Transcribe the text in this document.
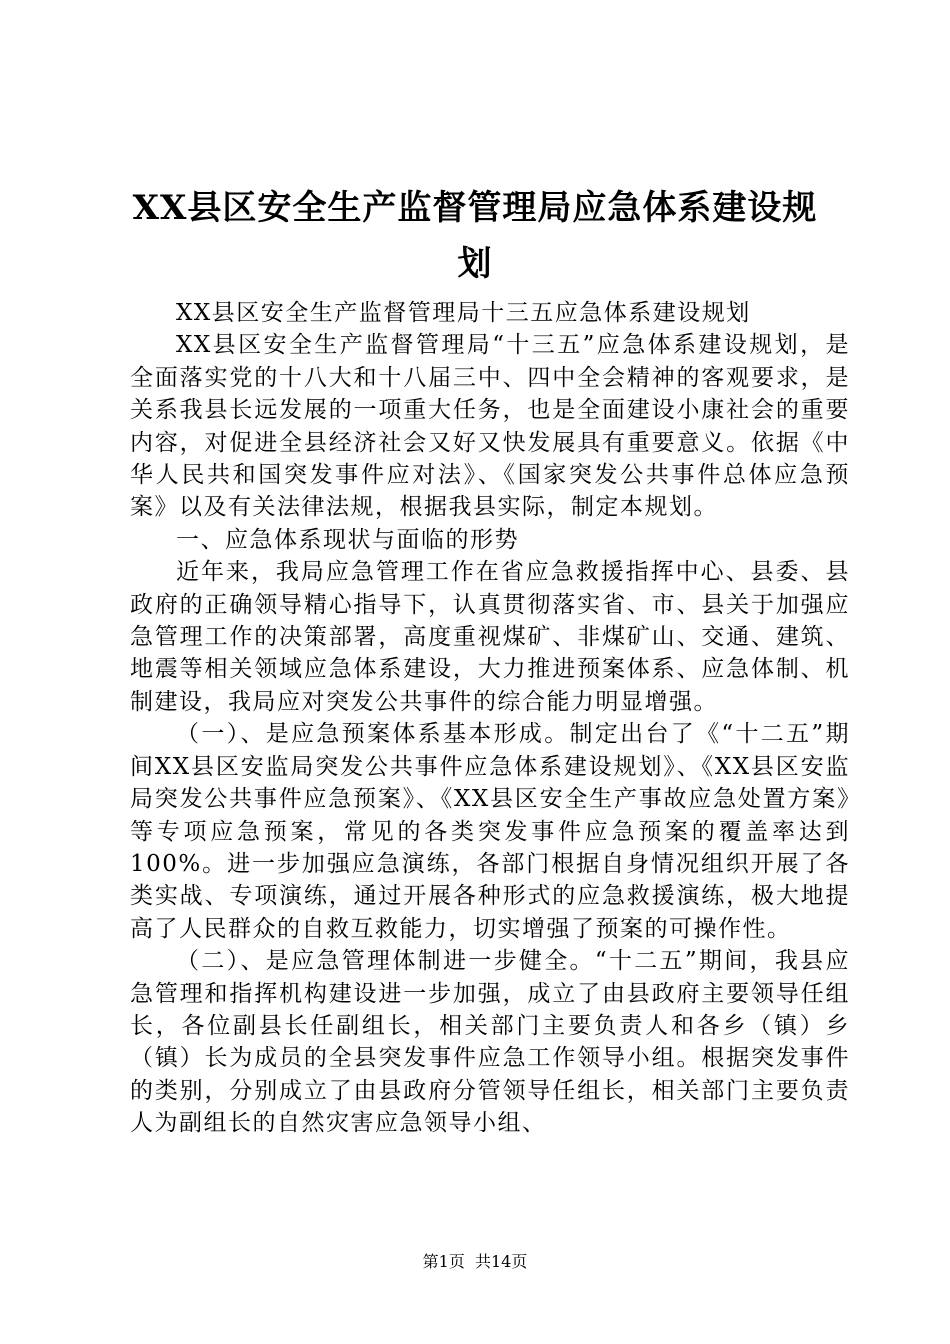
XX县区安全生产监督管理局应急体系建设规划

XX县区安全生产监督管理局十三五应急体系建设规划

XX县区安全生产监督管理局“十三五”应急体系建设规划，是全面落实党的十八大和十八届三中、四中全会精神的客观要求，是关系我县长远发展的一项重大任务，也是全面建设小康社会的重要内容，对促进全县经济社会又好又快发展具有重要意义。依据《中华人民共和国突发事件应对法》、《国家突发公共事件总体应急预案》以及有关法律法规，根据我县实际，制定本规划。

一、应急体系现状与面临的形势

近年来，我局应急管理工作在省应急救援指挥中心、县委、县政府的正确领导精心指导下，认真贯彻落实省、市、县关于加强应急管理工作的决策部署，高度重视煤矿、非煤矿山、交通、建筑、地震等相关领域应急体系建设，大力推进预案体系、应急体制、机制建设，我局应对突发公共事件的综合能力明显增强。

（一）、是应急预案体系基本形成。制定出台了《“十二五”期间XX县区安监局突发公共事件应急体系建设规划》、《XX县区安监局突发公共事件应急预案》、《XX县区安全生产事故应急处置方案》等专项应急预案，常见的各类突发事件应急预案的覆盖率达到100%。进一步加强应急演练，各部门根据自身情况组织开展了各类实战、专项演练，通过开展各种形式的应急救援演练，极大地提高了人民群众的自救互救能力，切实增强了预案的可操作性。

（二）、是应急管理体制进一步健全。“十二五”期间，我县应急管理和指挥机构建设进一步加强，成立了由县政府主要领导任组长，各位副县长任副组长，相关部门主要负责人和各乡（镇）乡（镇）长为成员的全县突发事件应急工作领导小组。根据突发事件的类别，分别成立了由县政府分管领导任组长，相关部门主要负责人为副组长的自然灾害应急领导小组、

第1页  共14页
